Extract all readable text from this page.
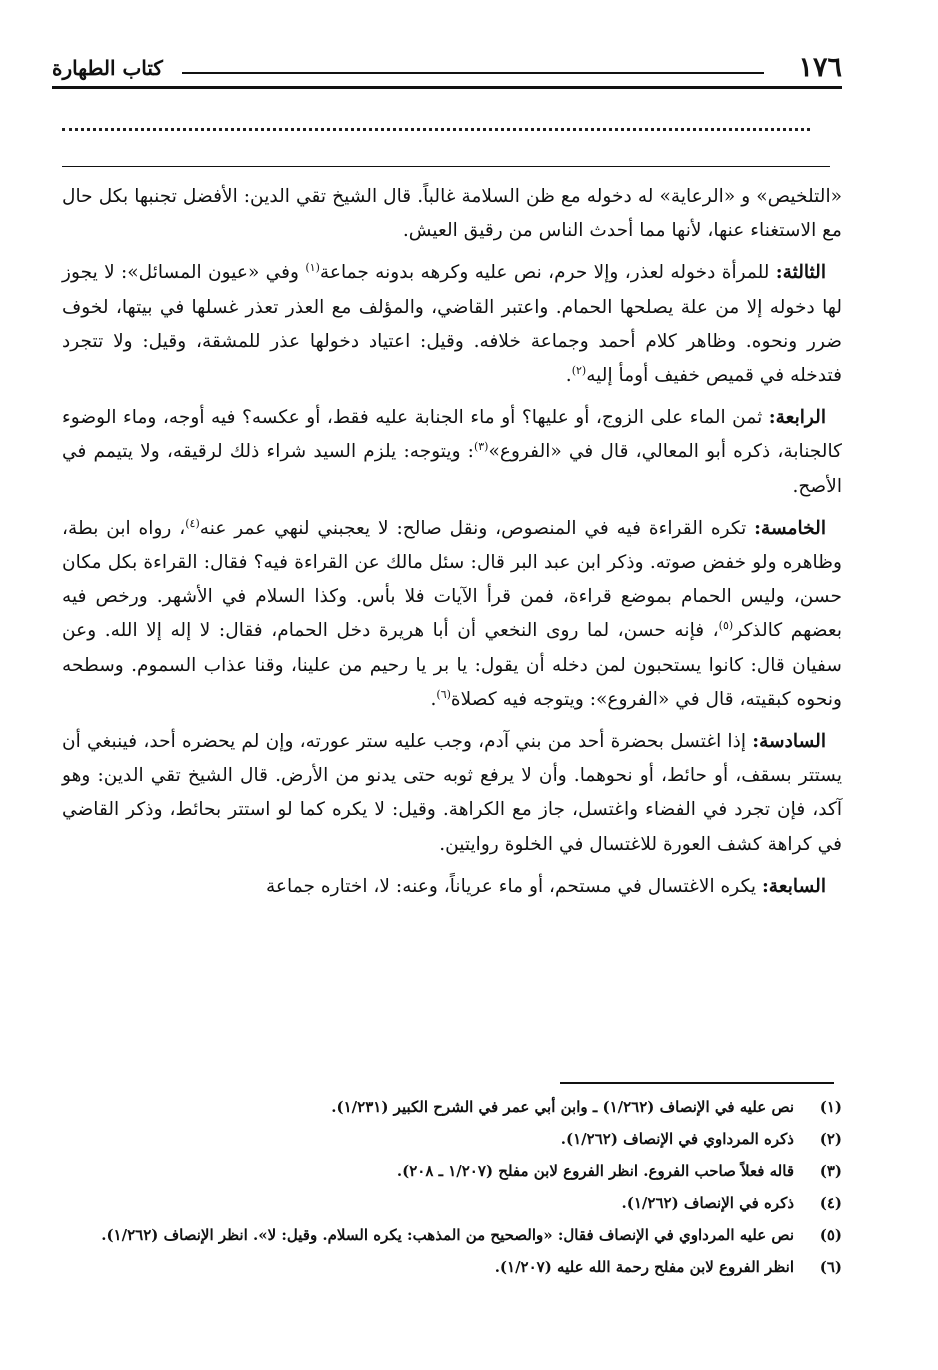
١٧٦
كتاب الطهارة

«التلخيص» و «الرعاية» له دخوله مع ظن السلامة غالباً. قال الشيخ تقي الدين: الأفضل تجنبها بكل حال مع الاستغناء عنها، لأنها مما أحدث الناس من رقيق العيش.

الثالثة: للمرأة دخوله لعذر، وإلا حرم، نص عليه وكرهه بدونه جماعة$^{(١)}$ وفي «عيون المسائل»: لا يجوز لها دخوله إلا من علة يصلحها الحمام. واعتبر القاضي، والمؤلف مع العذر تعذر غسلها في بيتها، لخوف ضرر ونحوه. وظاهر كلام أحمد وجماعة خلافه. وقيل: اعتياد دخولها عذر للمشقة، وقيل: ولا تتجرد فتدخله في قميص خفيف أومأ إليه$^{(٢)}$.

الرابعة: ثمن الماء على الزوج، أو عليها؟ أو ماء الجنابة عليه فقط، أو عكسه؟ فيه أوجه، وماء الوضوء كالجنابة، ذكره أبو المعالي، قال في «الفروع»$^{(٣)}$: ويتوجه: يلزم السيد شراء ذلك لرقيقه، ولا يتيمم في الأصح.

الخامسة: تكره القراءة فيه في المنصوص، ونقل صالح: لا يعجبني لنهي عمر عنه$^{(٤)}$، رواه ابن بطة، وظاهره ولو خفض صوته. وذكر ابن عبد البر قال: سئل مالك عن القراءة فيه؟ فقال: القراءة بكل مكان حسن، وليس الحمام بموضع قراءة، فمن قرأ الآيات فلا بأس. وكذا السلام في الأشهر. ورخص فيه بعضهم كالذكر$^{(٥)}$، فإنه حسن، لما روى النخعي أن أبا هريرة دخل الحمام، فقال: لا إله إلا الله. وعن سفيان قال: كانوا يستحبون لمن دخله أن يقول: يا بر يا رحيم من علينا، وقنا عذاب السموم. وسطحه ونحوه كبقيته، قال في «الفروع»: ويتوجه فيه كصلاة$^{(٦)}$.

السادسة: إذا اغتسل بحضرة أحد من بني آدم، وجب عليه ستر عورته، وإن لم يحضره أحد، فينبغي أن يستتر بسقف، أو حائط، أو نحوهما. وأن لا يرفع ثوبه حتى يدنو من الأرض. قال الشيخ تقي الدين: وهو آكد، فإن تجرد في الفضاء واغتسل، جاز مع الكراهة. وقيل: لا يكره كما لو استتر بحائط، وذكر القاضي في كراهة كشف العورة للاغتسال في الخلوة روايتين.

السابعة: يكره الاغتسال في مستحم، أو ماء عرياناً، وعنه: لا، اختاره جماعة

(١)
نص عليه في الإنصاف (١/٢٦٢) ـ وابن أبي عمر في الشرح الكبير (١/٢٣١).
(٢)
ذكره المرداوي في الإنصاف (١/٢٦٢).
(٣)
قاله فعلاً صاحب الفروع. انظر الفروع لابن مفلح (١/٢٠٧ ـ ٢٠٨).
(٤)
ذكره في الإنصاف (١/٢٦٢).
(٥)
نص عليه المرداوي في الإنصاف فقال: «والصحيح من المذهب: يكره السلام. وقيل: لا». انظر الإنصاف (١/٢٦٢).
(٦)
انظر الفروع لابن مفلح رحمة الله عليه (١/٢٠٧).
